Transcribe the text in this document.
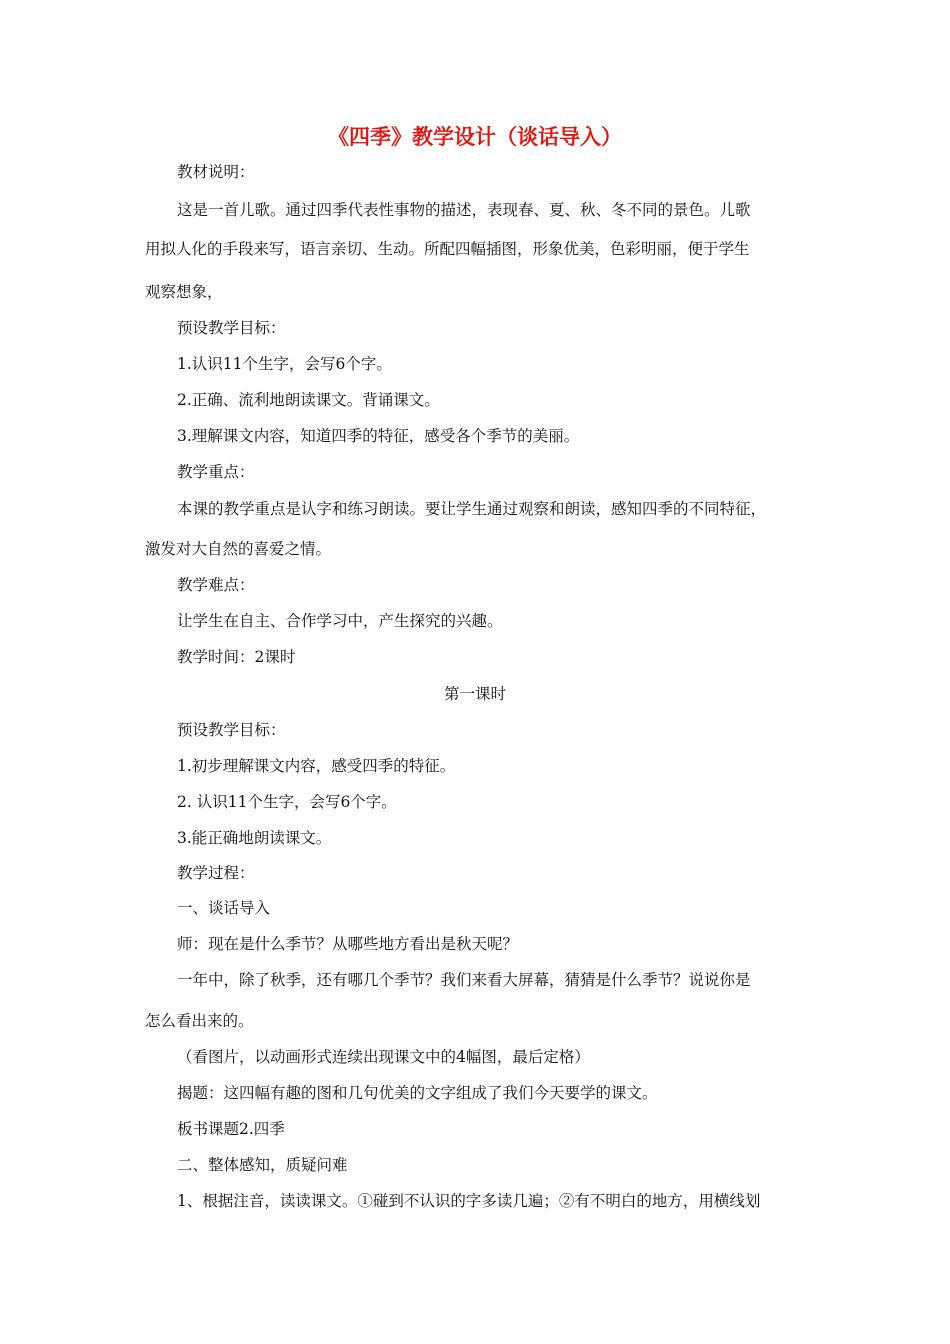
《四季》教学设计（谈话导入）
教材说明：
这是一首儿歌。通过四季代表性事物的描述，表现春、夏、秋、冬不同的景色。儿歌
用拟人化的手段来写，语言亲切、生动。所配四幅插图，形象优美，色彩明丽，便于学生
观察想象，
预设教学目标：
1.认识11个生字，会写6个字。
2.正确、流利地朗读课文。背诵课文。
3.理解课文内容，知道四季的特征，感受各个季节的美丽。
教学重点：
本课的教学重点是认字和练习朗读。要让学生通过观察和朗读，感知四季的不同特征，
激发对大自然的喜爱之情。
教学难点：
让学生在自主、合作学习中，产生探究的兴趣。
教学时间：2课时
第一课时
预设教学目标：
1.初步理解课文内容，感受四季的特征。
2. 认识11个生字，会写6个字。
3.能正确地朗读课文。
教学过程：
一、谈话导入
师：现在是什么季节？从哪些地方看出是秋天呢？
一年中，除了秋季，还有哪几个季节？我们来看大屏幕，猜猜是什么季节？说说你是
怎么看出来的。
（看图片，以动画形式连续出现课文中的4幅图，最后定格）
揭题：这四幅有趣的图和几句优美的文字组成了我们今天要学的课文。
板书课题2.四季
二、整体感知，质疑问难
1、根据注音，读读课文。①碰到不认识的字多读几遍；②有不明白的地方，用横线划
